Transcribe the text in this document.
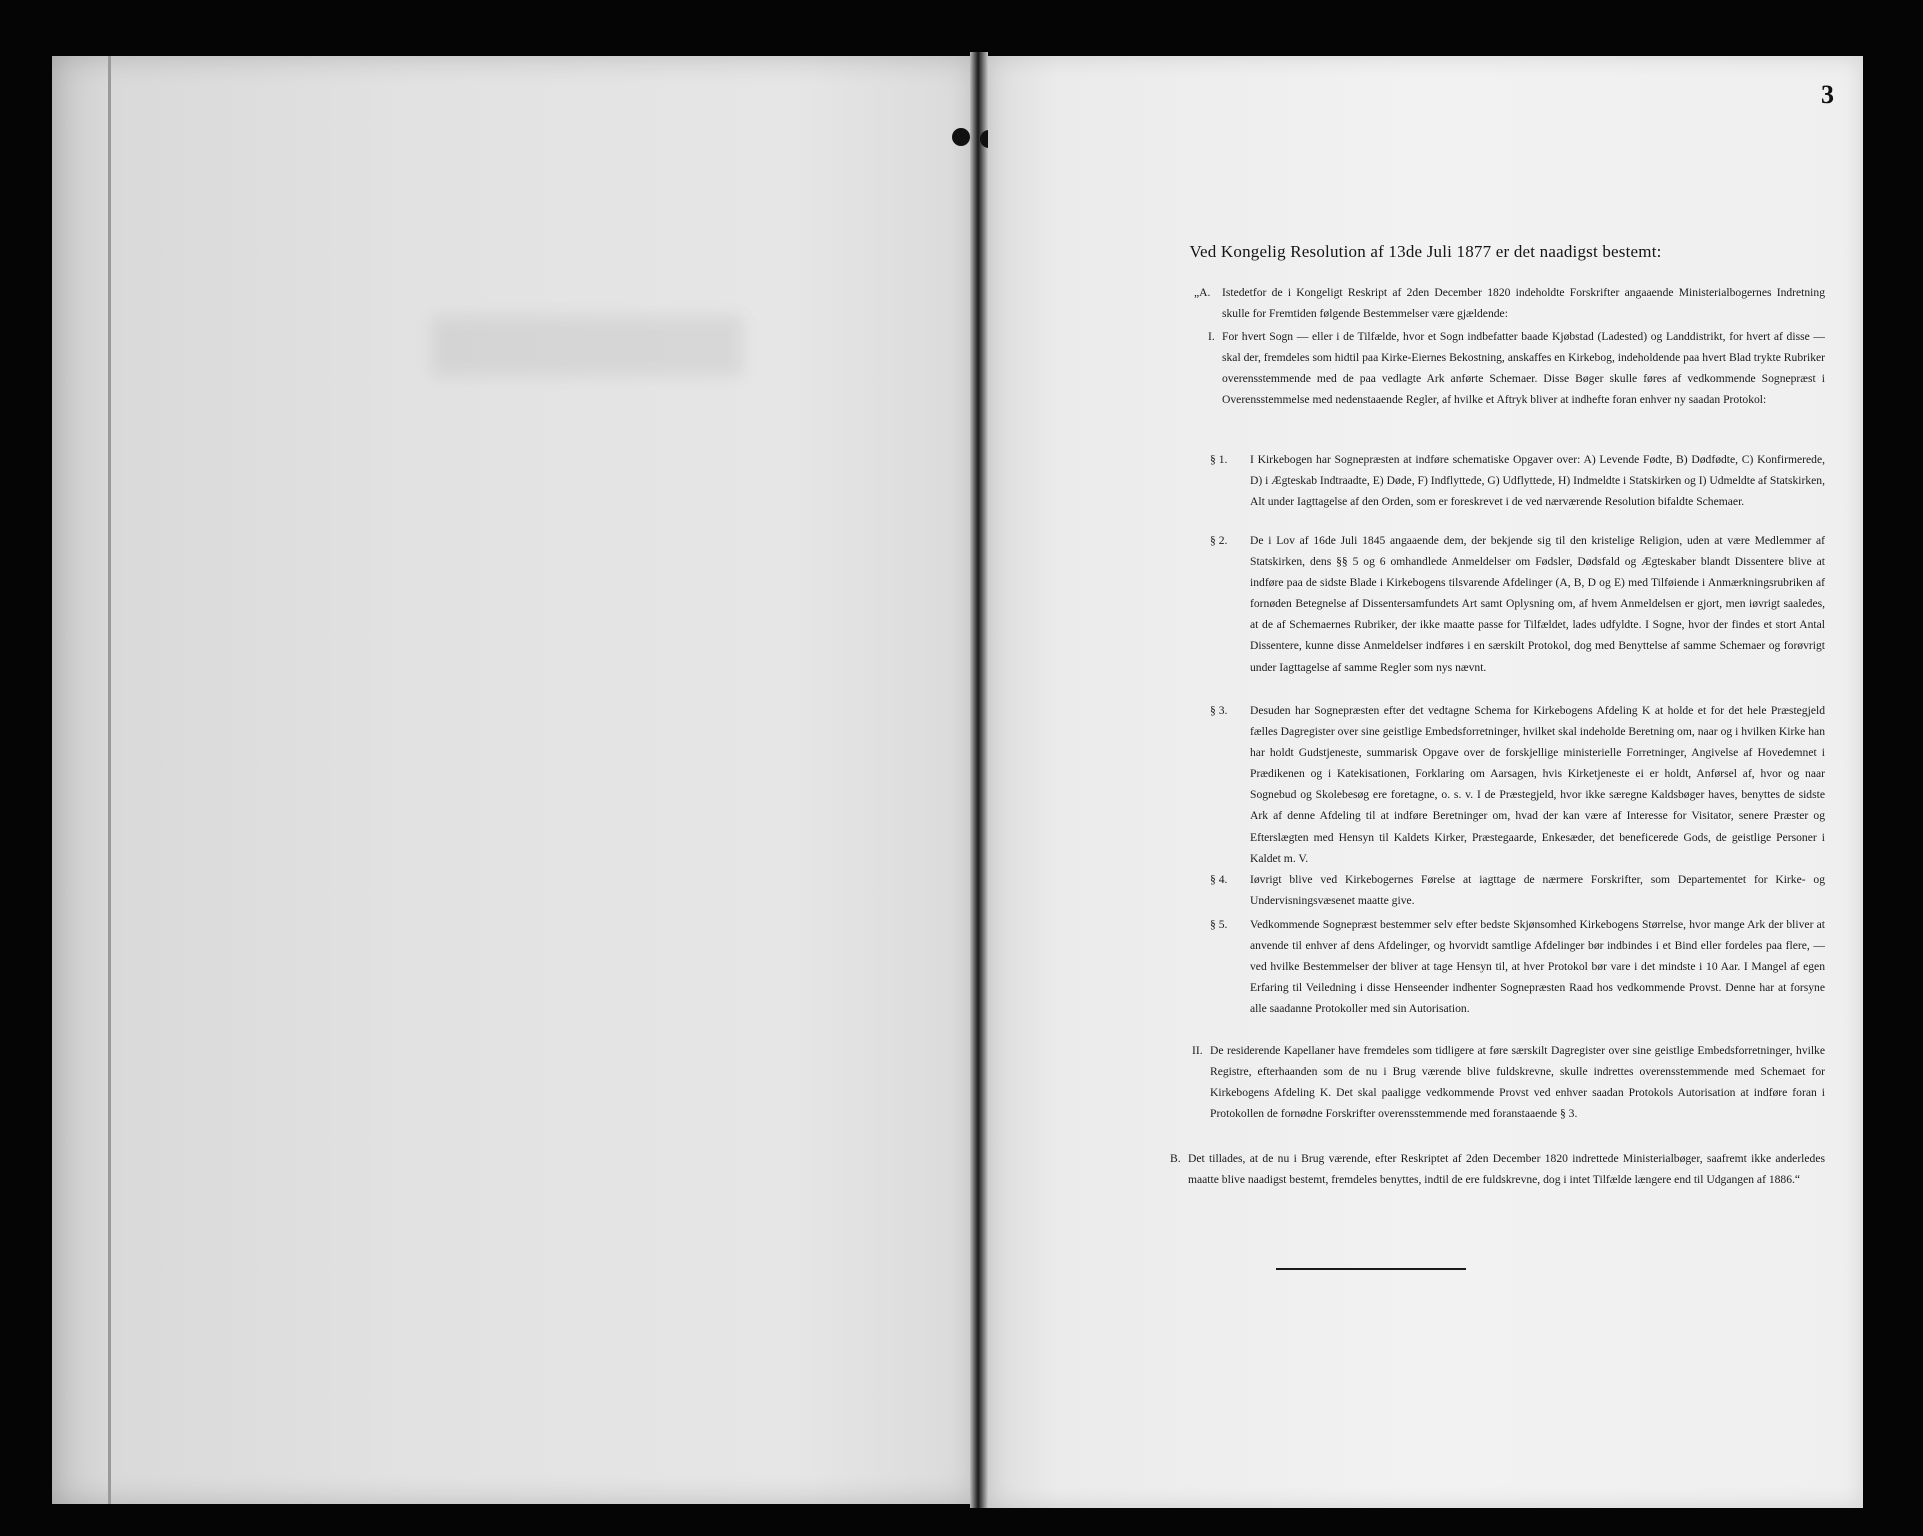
3
Ved Kongelig Resolution af 13de Juli 1877 er det naadigst bestemt:
„A. Istedetfor de i Kongeligt Reskript af 2den December 1820 indeholdte Forskrifter angaaende Ministerialbogernes Indretning skulle for Fremtiden følgende Bestemmelser være gjældende:
I. For hvert Sogn — eller i de Tilfælde, hvor et Sogn indbefatter baade Kjøbstad (Ladested) og Landdistrikt, for hvert af disse — skal der, fremdeles som hidtil paa Kirke-Eiernes Bekostning, anskaffes en Kirkebog, indeholdende paa hvert Blad trykte Rubriker overensstemmende med de paa vedlagte Ark anførte Schemaer. Disse Bøger skulle føres af vedkommende Sognepræst i Overensstemmelse med nedenstaaende Regler, af hvilke et Aftryk bliver at indhefte foran enhver ny saadan Protokol:
§ 1. I Kirkebogen har Sognepræsten at indføre schematiske Opgaver over: A) Levende Fødte, B) Dødfødte, C) Konfirmerede, D) i Ægteskab Indtraadte, E) Døde, F) Indflyttede, G) Udflyttede, H) Indmeldte i Statskirken og I) Udmeldte af Statskirken, Alt under Iagttagelse af den Orden, som er foreskrevet i de ved nærværende Resolution bifaldte Schemaer.
§ 2. De i Lov af 16de Juli 1845 angaaende dem, der bekjende sig til den kristelige Religion, uden at være Medlemmer af Statskirken, dens §§ 5 og 6 omhandlede Anmeldelser om Fødsler, Dødsfald og Ægteskaber blandt Dissentere blive at indføre paa de sidste Blade i Kirkebogens tilsvarende Afdelinger (A, B, D og E) med Tilføiende i Anmærkningsrubriken af fornøden Betegnelse af Dissentersamfundets Art samt Oplysning om, af hvem Anmeldelsen er gjort, men iøvrigt saaledes, at de af Schemaernes Rubriker, der ikke maatte passe for Tilfældet, lades udfyldte. I Sogne, hvor der findes et stort Antal Dissentere, kunne disse Anmeldelser indføres i en særskilt Protokol, dog med Benyttelse af samme Schemaer og forøvrigt under Iagttagelse af samme Regler som nys nævnt.
§ 3. Desuden har Sognepræsten efter det vedtagne Schema for Kirkebogens Afdeling K at holde et for det hele Præstegjeld fælles Dagregister over sine geistlige Embedsforretninger, hvilket skal indeholde Beretning om, naar og i hvilken Kirke han har holdt Gudstjeneste, summarisk Opgave over de forskjellige ministerielle Forretninger, Angivelse af Hovedemnet i Prædikenen og i Katekisationen, Forklaring om Aarsagen, hvis Kirketjeneste ei er holdt, Anførsel af, hvor og naar Sognebud og Skolebesøg ere foretagne, o. s. v. I de Præstegjeld, hvor ikke særegne Kaldsbøger haves, benyttes de sidste Ark af denne Afdeling til at indføre Beretninger om, hvad der kan være af Interesse for Visitator, senere Præster og Efterslægten med Hensyn til Kaldets Kirker, Præstegaarde, Enkesæder, det beneficerede Gods, de geistlige Personer i Kaldet m. V.
§ 4. Iøvrigt blive ved Kirkebogernes Førelse at iagttage de nærmere Forskrifter, som Departementet for Kirke- og Undervisningsvæsenet maatte give.
§ 5. Vedkommende Sognepræst bestemmer selv efter bedste Skjønsomhed Kirkebogens Størrelse, hvor mange Ark der bliver at anvende til enhver af dens Afdelinger, og hvorvidt samtlige Afdelinger bør indbindes i et Bind eller fordeles paa flere, — ved hvilke Bestemmelser der bliver at tage Hensyn til, at hver Protokol bør vare i det mindste i 10 Aar. I Mangel af egen Erfaring til Veiledning i disse Henseender indhenter Sognepræsten Raad hos vedkommende Provst. Denne har at forsyne alle saadanne Protokoller med sin Autorisation.
II. De residerende Kapellaner have fremdeles som tidligere at føre særskilt Dagregister over sine geistlige Embedsforretninger, hvilke Registre, efterhaanden som de nu i Brug værende blive fuldskrevne, skulle indrettes overensstemmende med Schemaet for Kirkebogens Afdeling K. Det skal paaligge vedkommende Provst ved enhver saadan Protokols Autorisation at indføre foran i Protokollen de fornødne Forskrifter overensstemmende med foranstaaende § 3.
B. Det tillades, at de nu i Brug værende, efter Reskriptet af 2den December 1820 indrettede Ministerialbøger, saafremt ikke anderledes maatte blive naadigst bestemt, fremdeles benyttes, indtil de ere fuldskrevne, dog i intet Tilfælde længere end til Udgangen af 1886.“
